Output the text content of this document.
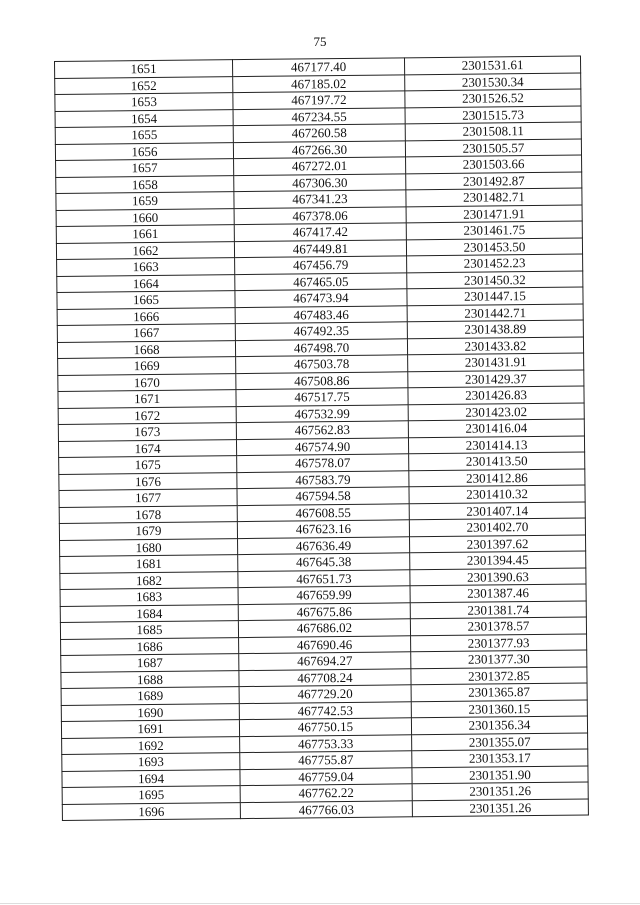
75
1651	467177.40	2301531.61
1652	467185.02	2301530.34
1653	467197.72	2301526.52
1654	467234.55	2301515.73
1655	467260.58	2301508.11
1656	467266.30	2301505.57
1657	467272.01	2301503.66
1658	467306.30	2301492.87
1659	467341.23	2301482.71
1660	467378.06	2301471.91
1661	467417.42	2301461.75
1662	467449.81	2301453.50
1663	467456.79	2301452.23
1664	467465.05	2301450.32
1665	467473.94	2301447.15
1666	467483.46	2301442.71
1667	467492.35	2301438.89
1668	467498.70	2301433.82
1669	467503.78	2301431.91
1670	467508.86	2301429.37
1671	467517.75	2301426.83
1672	467532.99	2301423.02
1673	467562.83	2301416.04
1674	467574.90	2301414.13
1675	467578.07	2301413.50
1676	467583.79	2301412.86
1677	467594.58	2301410.32
1678	467608.55	2301407.14
1679	467623.16	2301402.70
1680	467636.49	2301397.62
1681	467645.38	2301394.45
1682	467651.73	2301390.63
1683	467659.99	2301387.46
1684	467675.86	2301381.74
1685	467686.02	2301378.57
1686	467690.46	2301377.93
1687	467694.27	2301377.30
1688	467708.24	2301372.85
1689	467729.20	2301365.87
1690	467742.53	2301360.15
1691	467750.15	2301356.34
1692	467753.33	2301355.07
1693	467755.87	2301353.17
1694	467759.04	2301351.90
1695	467762.22	2301351.26
1696	467766.03	2301351.26
